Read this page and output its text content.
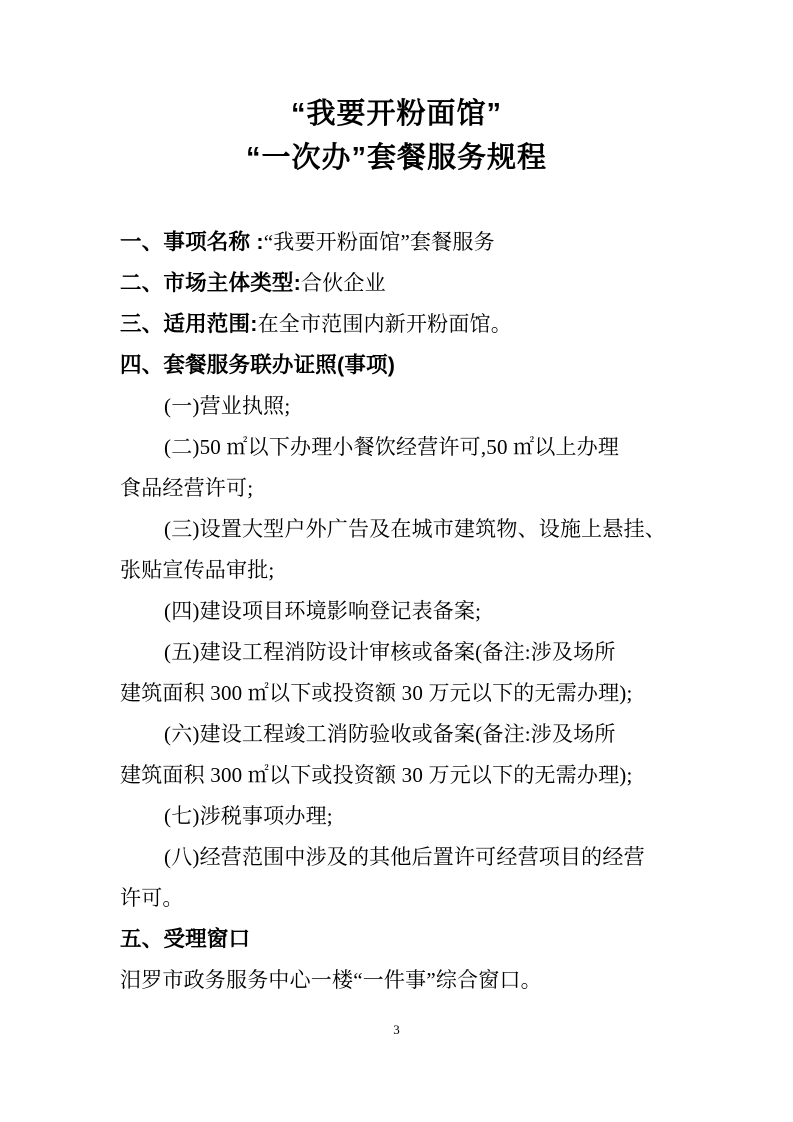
“我要开粉面馆”
“一次办”套餐服务规程
一、事项名称 :“我要开粉面馆”套餐服务
二、市场主体类型:合伙企业
三、适用范围:在全市范围内新开粉面馆。
四、套餐服务联办证照(事项)
(一)营业执照;
(二)50 ㎡以下办理小餐饮经营许可,50 ㎡以上办理
食品经营许可;
(三)设置大型户外广告及在城市建筑物、设施上悬挂、
张贴宣传品审批;
(四)建设项目环境影响登记表备案;
(五)建设工程消防设计审核或备案(备注:涉及场所
建筑面积 300 ㎡以下或投资额 30 万元以下的无需办理);
(六)建设工程竣工消防验收或备案(备注:涉及场所
建筑面积 300 ㎡以下或投资额 30 万元以下的无需办理);
(七)涉税事项办理;
(八)经营范围中涉及的其他后置许可经营项目的经营
许可。
五、受理窗口
汨罗市政务服务中心一楼“一件事”综合窗口。
3
